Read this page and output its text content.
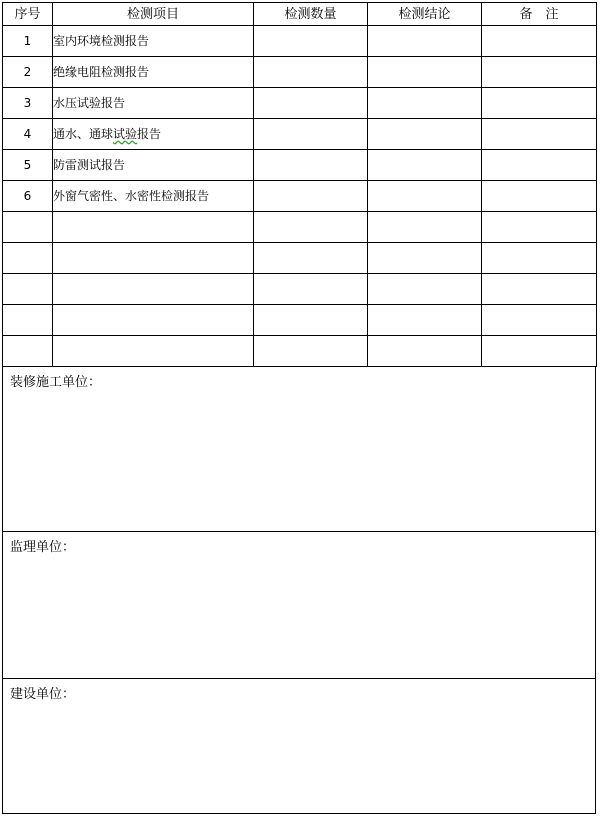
序号	检测项目	检测数量	检测结论	备　注
1	室内环境检测报告			
2	绝缘电阻检测报告			
3	水压试验报告			
4	通水、通球试验报告			
5	防雷测试报告			
6	外窗气密性、水密性检测报告			

装修施工单位：
监理单位：
建设单位：
